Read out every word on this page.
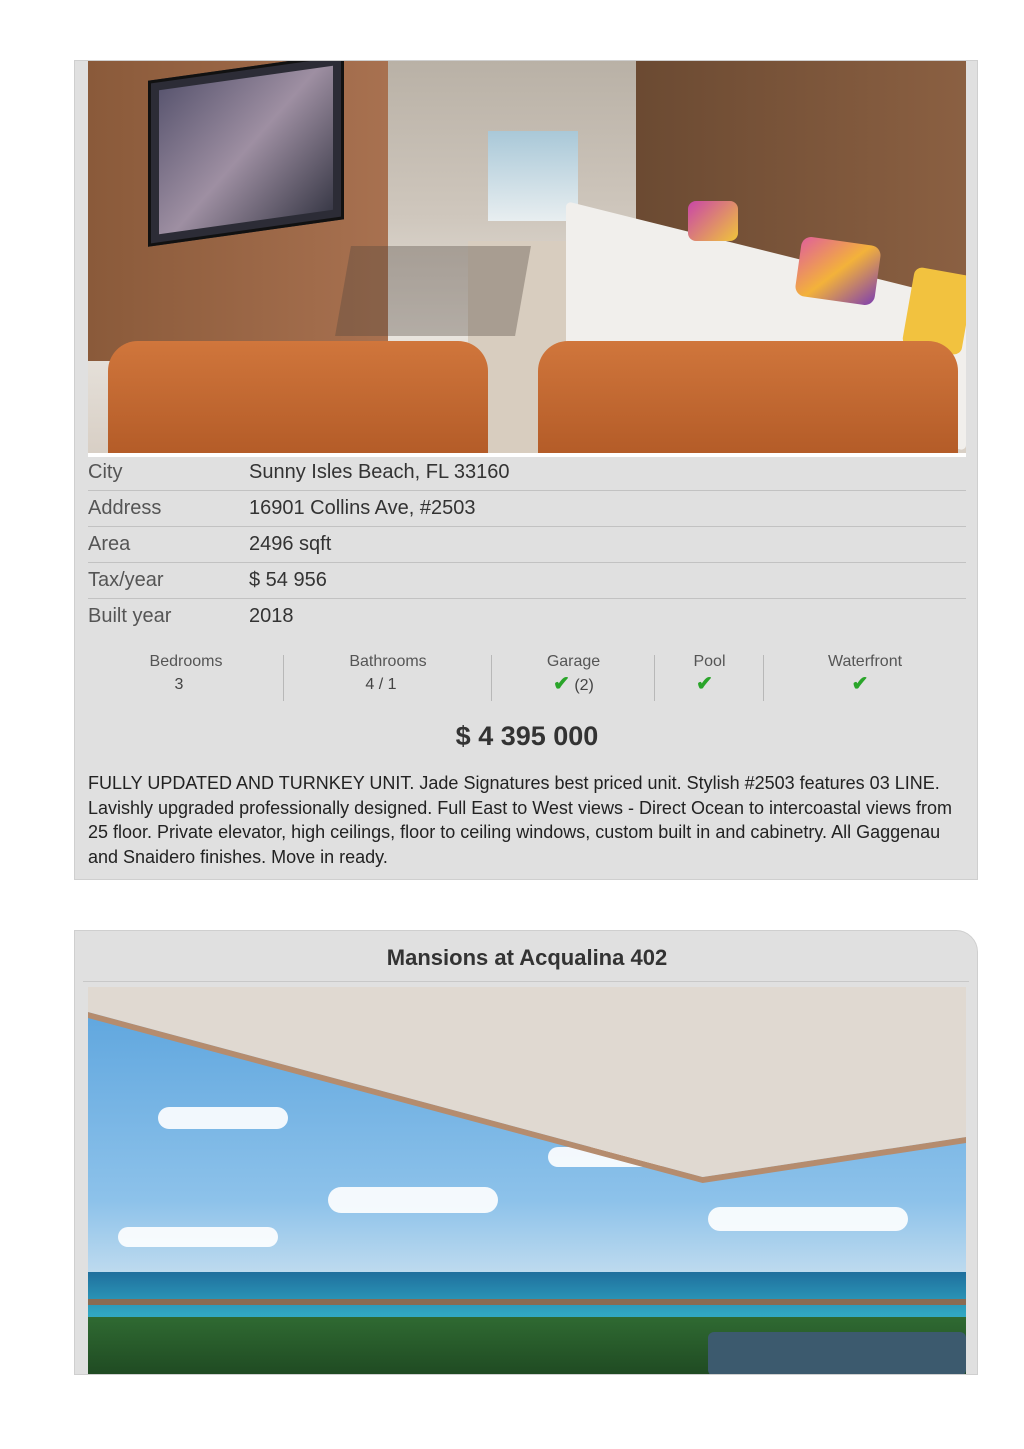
City	Sunny Isles Beach, FL 33160
Address	16901 Collins Ave, #2503
Area	2496 sqft
Tax/year	$ 54 956
Built year	2018
Bedrooms
3
Bathrooms
4 / 1
Garage
✔ (2)
Pool
✔
Waterfront
✔
$ 4 395 000
FULLY UPDATED AND TURNKEY UNIT. Jade Signatures best priced unit. Stylish #2503 features 03 LINE. Lavishly upgraded professionally designed. Full East to West views - Direct Ocean to intercoastal views from 25 floor. Private elevator, high ceilings, floor to ceiling windows, custom built in and cabinetry. All Gaggenau and Snaidero finishes. Move in ready.
Mansions at Acqualina 402
